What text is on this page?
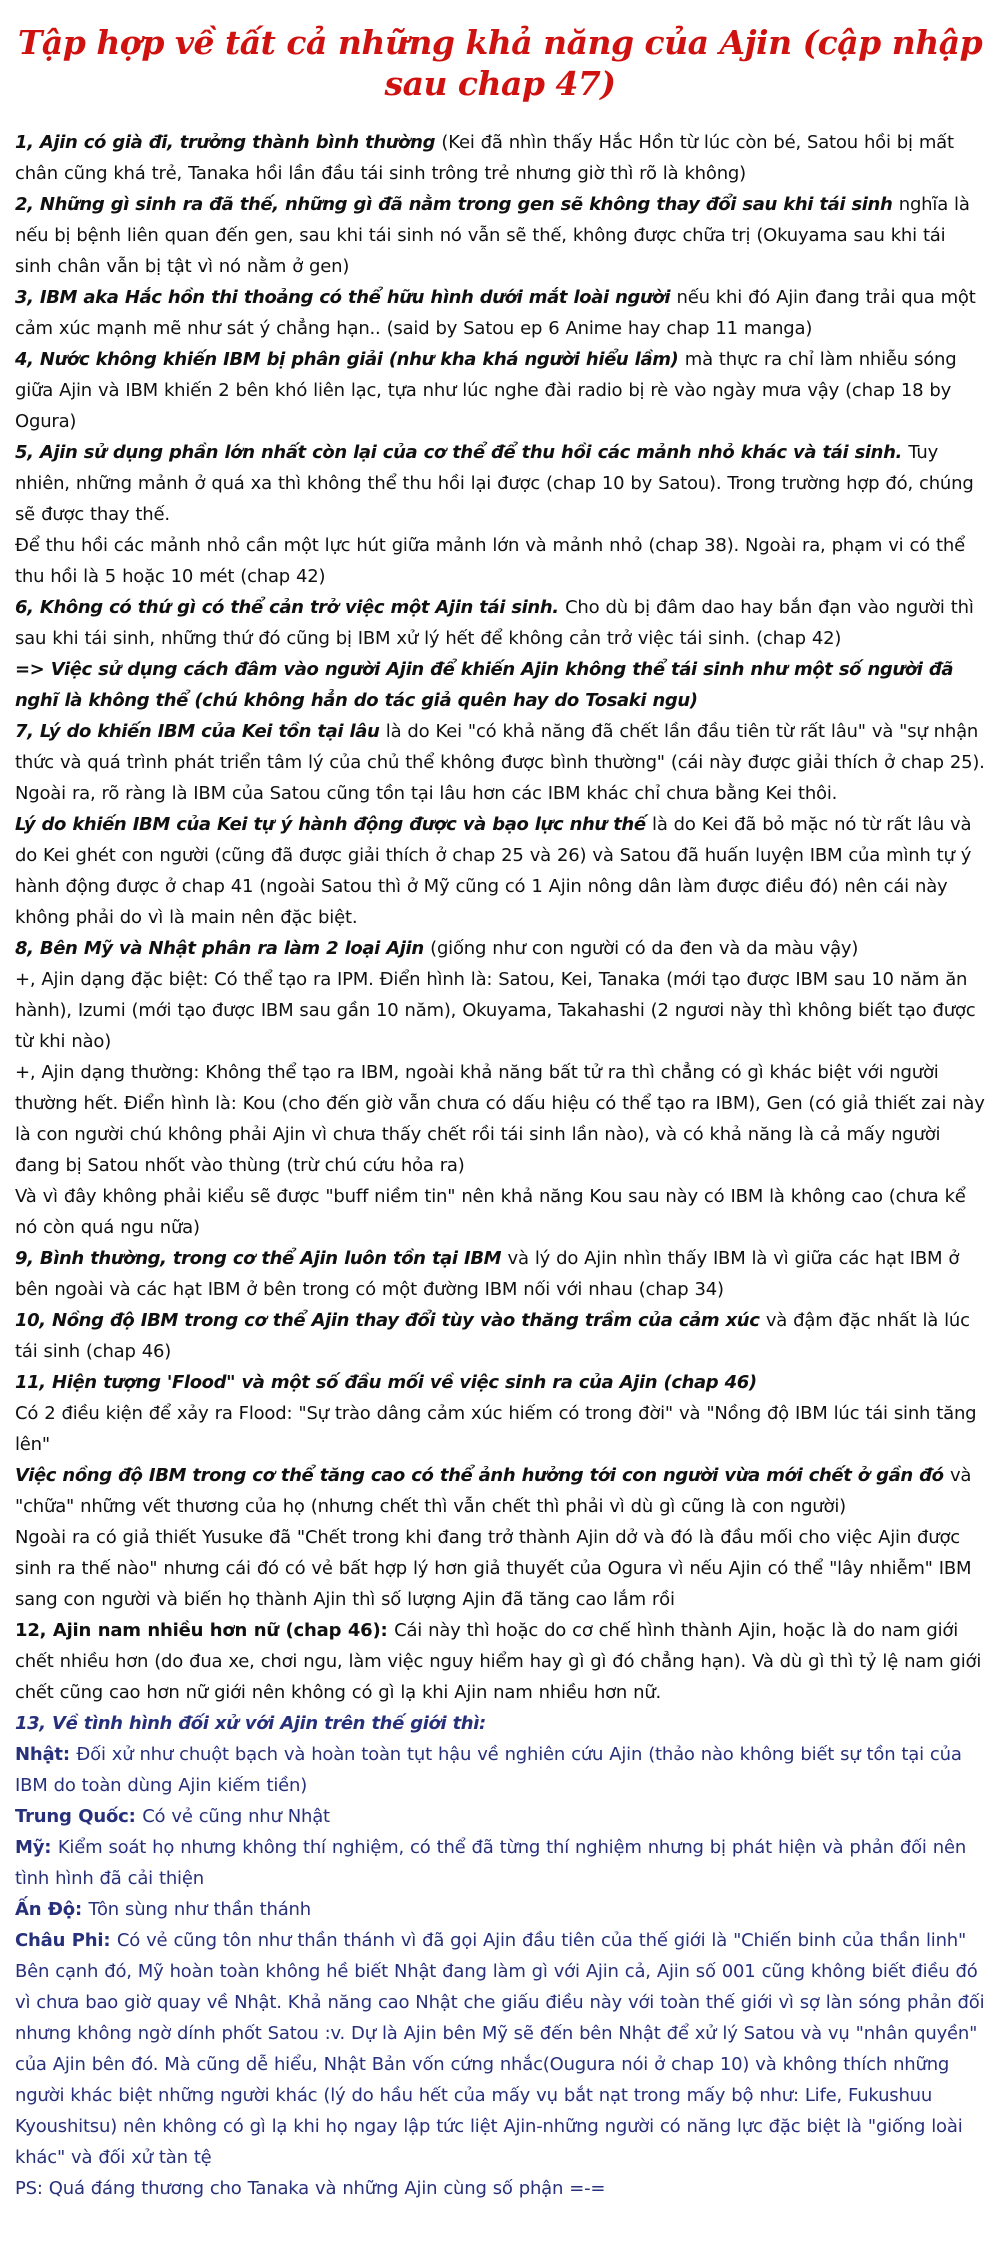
Tập hợp về tất cả những khả năng của Ajin (cập nhập sau chap 47)
1, Ajin có già đi, trưởng thành bình thường (Kei đã nhìn thấy Hắc Hồn từ lúc còn bé, Satou hồi bị mất chân cũng khá trẻ, Tanaka hồi lần đầu tái sinh trông trẻ nhưng giờ thì rõ là không)
2, Những gì sinh ra đã thế, những gì đã nằm trong gen sẽ không thay đổi sau khi tái sinh nghĩa là nếu bị bệnh liên quan đến gen, sau khi tái sinh nó vẫn sẽ thế, không được chữa trị (Okuyama sau khi tái sinh chân vẫn bị tật vì nó nằm ở gen)
3, IBM aka Hắc hồn thi thoảng có thể hữu hình dưới mắt loài người nếu khi đó Ajin đang trải qua một cảm xúc mạnh mẽ như sát ý chẳng hạn.. (said by Satou ep 6 Anime hay chap 11 manga)
4, Nước không khiến IBM bị phân giải (như kha khá người hiểu lầm) mà thực ra chỉ làm nhiễu sóng giữa Ajin và IBM khiến 2 bên khó liên lạc, tựa như lúc nghe đài radio bị rè vào ngày mưa vậy (chap 18 by Ogura)
5, Ajin sử dụng phần lớn nhất còn lại của cơ thể để thu hồi các mảnh nhỏ khác và tái sinh. Tuy nhiên, những mảnh ở quá xa thì không thể thu hồi lại được (chap 10 by Satou). Trong trường hợp đó, chúng sẽ được thay thế.
Để thu hồi các mảnh nhỏ cần một lực hút giữa mảnh lớn và mảnh nhỏ (chap 38). Ngoài ra, phạm vi có thể thu hồi là 5 hoặc 10 mét (chap 42)
6, Không có thứ gì có thể cản trở việc một Ajin tái sinh. Cho dù bị đâm dao hay bắn đạn vào người thì sau khi tái sinh, những thứ đó cũng bị IBM xử lý hết để không cản trở việc tái sinh. (chap 42)
=> Việc sử dụng cách đâm vào người Ajin để khiến Ajin không thể tái sinh như một số người đã nghĩ là không thể (chú không hẳn do tác giả quên hay do Tosaki ngu)
7, Lý do khiến IBM của Kei tồn tại lâu là do Kei "có khả năng đã chết lần đầu tiên từ rất lâu" và "sự nhận thức và quá trình phát triển tâm lý của chủ thể không được bình thường" (cái này được giải thích ở chap 25). Ngoài ra, rõ ràng là IBM của Satou cũng tồn tại lâu hơn các IBM khác chỉ chưa bằng Kei thôi.
Lý do khiến IBM của Kei tự ý hành động được và bạo lực như thế là do Kei đã bỏ mặc nó từ rất lâu và do Kei ghét con người (cũng đã được giải thích ở chap 25 và 26) và Satou đã huấn luyện IBM của mình tự ý hành động được ở chap 41 (ngoài Satou thì ở Mỹ cũng có 1 Ajin nông dân làm được điều đó) nên cái này không phải do vì là main nên đặc biệt.
8, Bên Mỹ và Nhật phân ra làm 2 loại Ajin (giống như con người có da đen và da màu vậy)
+, Ajin dạng đặc biệt: Có thể tạo ra IPM. Điển hình là: Satou, Kei, Tanaka (mới tạo được IBM sau 10 năm ăn hành), Izumi (mới tạo được IBM sau gần 10 năm), Okuyama, Takahashi (2 ngươi này thì không biết tạo được từ khi nào)
+, Ajin dạng thường: Không thể tạo ra IBM, ngoài khả năng bất tử ra thì chẳng có gì khác biệt với người thường hết. Điển hình là: Kou (cho đến giờ vẫn chưa có dấu hiệu có thể tạo ra IBM), Gen (có giả thiết zai này là con người chú không phải Ajin vì chưa thấy chết rồi tái sinh lần nào), và có khả năng là cả mấy người đang bị Satou nhốt vào thùng (trừ chú cứu hỏa ra)
Và vì đây không phải kiểu sẽ được "buff niềm tin" nên khả năng Kou sau này có IBM là không cao (chưa kể nó còn quá ngu nữa)
9, Bình thường, trong cơ thể Ajin luôn tồn tại IBM và lý do Ajin nhìn thấy IBM là vì giữa các hạt IBM ở bên ngoài và các hạt IBM ở bên trong có một đường IBM nối với nhau (chap 34)
10, Nồng độ IBM trong cơ thể Ajin thay đổi tùy vào thăng trầm của cảm xúc và đậm đặc nhất là lúc tái sinh (chap 46)
11, Hiện tượng 'Flood" và một số đầu mối về việc sinh ra của Ajin (chap 46)
Có 2 điều kiện để xảy ra Flood: "Sự trào dâng cảm xúc hiếm có trong đời" và "Nồng độ IBM lúc tái sinh tăng lên"
Việc nồng độ IBM trong cơ thể tăng cao có thể ảnh hưởng tới con người vừa mới chết ở gần đó và "chữa" những vết thương của họ (nhưng chết thì vẫn chết thì phải vì dù gì cũng là con người)
Ngoài ra có giả thiết Yusuke đã "Chết trong khi đang trở thành Ajin dở và đó là đầu mối cho việc Ajin được sinh ra thế nào" nhưng cái đó có vẻ bất hợp lý hơn giả thuyết của Ogura vì nếu Ajin có thể "lây nhiễm" IBM sang con người và biến họ thành Ajin thì số lượng Ajin đã tăng cao lắm rồi
12, Ajin nam nhiều hơn nữ (chap 46): Cái này thì hoặc do cơ chế hình thành Ajin, hoặc là do nam giới chết nhiều hơn (do đua xe, chơi ngu, làm việc nguy hiểm hay gì gì đó chẳng hạn). Và dù gì thì tỷ lệ nam giới chết cũng cao hơn nữ giới nên không có gì lạ khi Ajin nam nhiều hơn nữ.
13, Về tình hình đối xử với Ajin trên thế giới thì:
Nhật: Đối xử như chuột bạch và hoàn toàn tụt hậu về nghiên cứu Ajin (thảo nào không biết sự tồn tại của IBM do toàn dùng Ajin kiếm tiền)
Trung Quốc: Có vẻ cũng như Nhật
Mỹ: Kiểm soát họ nhưng không thí nghiệm, có thể đã từng thí nghiệm nhưng bị phát hiện và phản đối nên tình hình đã cải thiện
Ấn Độ: Tôn sùng như thần thánh
Châu Phi: Có vẻ cũng tôn như thần thánh vì đã gọi Ajin đầu tiên của thế giới là "Chiến binh của thần linh"
Bên cạnh đó, Mỹ hoàn toàn không hề biết Nhật đang làm gì với Ajin cả, Ajin số 001 cũng không biết điều đó vì chưa bao giờ quay về Nhật. Khả năng cao Nhật che giấu điều này với toàn thế giới vì sợ làn sóng phản đối nhưng không ngờ dính phốt Satou :v. Dự là Ajin bên Mỹ sẽ đến bên Nhật để xử lý Satou và vụ "nhân quyền" của Ajin bên đó. Mà cũng dễ hiểu, Nhật Bản vốn cứng nhắc(Ougura nói ở chap 10) và không thích những người khác biệt những người khác (lý do hầu hết của mấy vụ bắt nạt trong mấy bộ như: Life, Fukushuu Kyoushitsu) nên không có gì lạ khi họ ngay lập tức liệt Ajin-những người có năng lực đặc biệt là "giống loài khác" và đối xử tàn tệ
PS: Quá đáng thương cho Tanaka và những Ajin cùng số phận =-=
